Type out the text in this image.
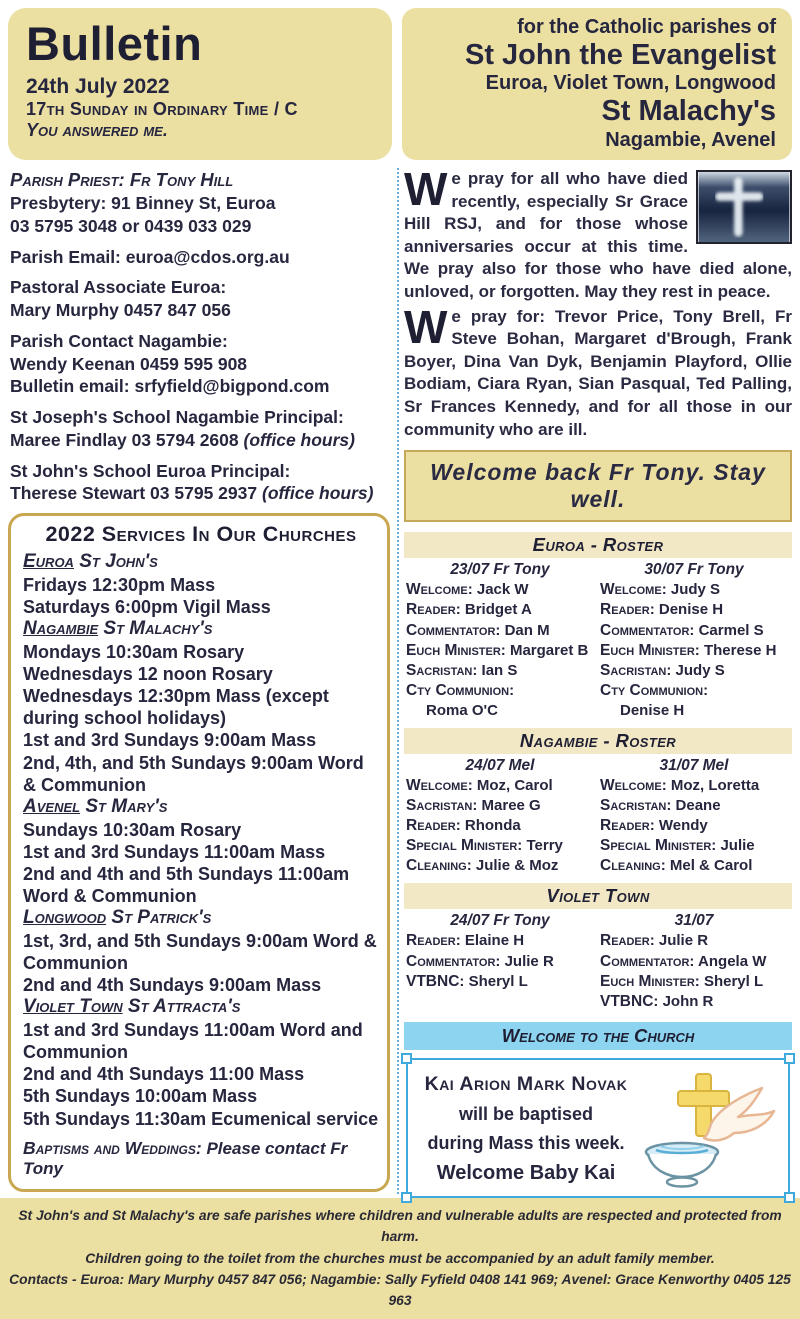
Bulletin
24th July 2022
17th Sunday in Ordinary Time / C
You answered me.
for the Catholic parishes of
St John the Evangelist
Euroa, Violet Town, Longwood
St Malachy's
Nagambie, Avenel

Parish Priest: Fr Tony Hill
Presbytery: 91 Binney St, Euroa
03 5795 3048 or 0439 033 029

Parish Email: euroa@cdos.org.au

Pastoral Associate Euroa:
Mary Murphy 0457 847 056

Parish Contact Nagambie:
Wendy Keenan 0459 595 908
Bulletin email: srfyfield@bigpond.com

St Joseph's School Nagambie Principal:
Maree Findlay 03 5794 2608 (office hours)

St John's School Euroa Principal:
Therese Stewart 03 5795 2937 (office hours)

2022 Services In Our Churches
Euroa St John's
Fridays 12:30pm Mass
Saturdays 6:00pm Vigil Mass
Nagambie St Malachy's
Mondays 10:30am Rosary
Wednesdays 12 noon Rosary
Wednesdays 12:30pm Mass (except during school holidays)
1st and 3rd Sundays 9:00am Mass
2nd, 4th, and 5th Sundays 9:00am Word & Communion
Avenel St Mary's
Sundays 10:30am Rosary
1st and 3rd Sundays 11:00am Mass
2nd and 4th and 5th Sundays 11:00am Word & Communion
Longwood St Patrick's
1st, 3rd, and 5th Sundays 9:00am Word & Communion
2nd and 4th Sundays 9:00am Mass
Violet Town St Attracta's
1st and 3rd Sundays 11:00am Word and Communion
2nd and 4th Sundays 11:00 Mass
5th Sundays 10:00am Mass
5th Sundays 11:30am Ecumenical service
Baptisms and Weddings: Please contact Fr Tony

We pray for all who have died recently, especially Sr Grace Hill RSJ, and for those whose anniversaries occur at this time. We pray also for those who have died alone, unloved, or forgotten. May they rest in peace.

We pray for: Trevor Price, Tony Brell, Fr Steve Bohan, Margaret d'Brough, Frank Boyer, Dina Van Dyk, Benjamin Playford, Ollie Bodiam, Ciara Ryan, Sian Pasqual, Ted Palling, Sr Frances Kennedy, and for all those in our community who are ill.

Welcome back Fr Tony. Stay well.
Euroa - Roster
23/07 Fr Tony
Welcome: Jack W
Reader: Bridget A
Commentator: Dan M
Euch Minister: Margaret B
Sacristan: Ian S
Cty Communion:
Roma O'C
30/07 Fr Tony
Welcome: Judy S
Reader: Denise H
Commentator: Carmel S
Euch Minister: Therese H
Sacristan: Judy S
Cty Communion:
Denise H
Nagambie - Roster
24/07 Mel
Welcome: Moz, Carol
Sacristan: Maree G
Reader: Rhonda
Special Minister: Terry
Cleaning: Julie & Moz
31/07 Mel
Welcome: Moz, Loretta
Sacristan: Deane
Reader: Wendy
Special Minister: Julie
Cleaning: Mel & Carol
Violet Town
24/07 Fr Tony
Reader: Elaine H
Commentator: Julie R
VTBNC: Sheryl L
31/07
Reader: Julie R
Commentator: Angela W
Euch Minister: Sheryl L
VTBNC: John R
Welcome to the Church
Kai Arion Mark Novak
will be baptised
during Mass this week.
Welcome Baby Kai
St John's and St Malachy's are safe parishes where children and vulnerable adults are respected and protected from harm.
Children going to the toilet from the churches must be accompanied by an adult family member.
Contacts - Euroa: Mary Murphy 0457 847 056; Nagambie: Sally Fyfield 0408 141 969; Avenel: Grace Kenworthy 0405 125 963
